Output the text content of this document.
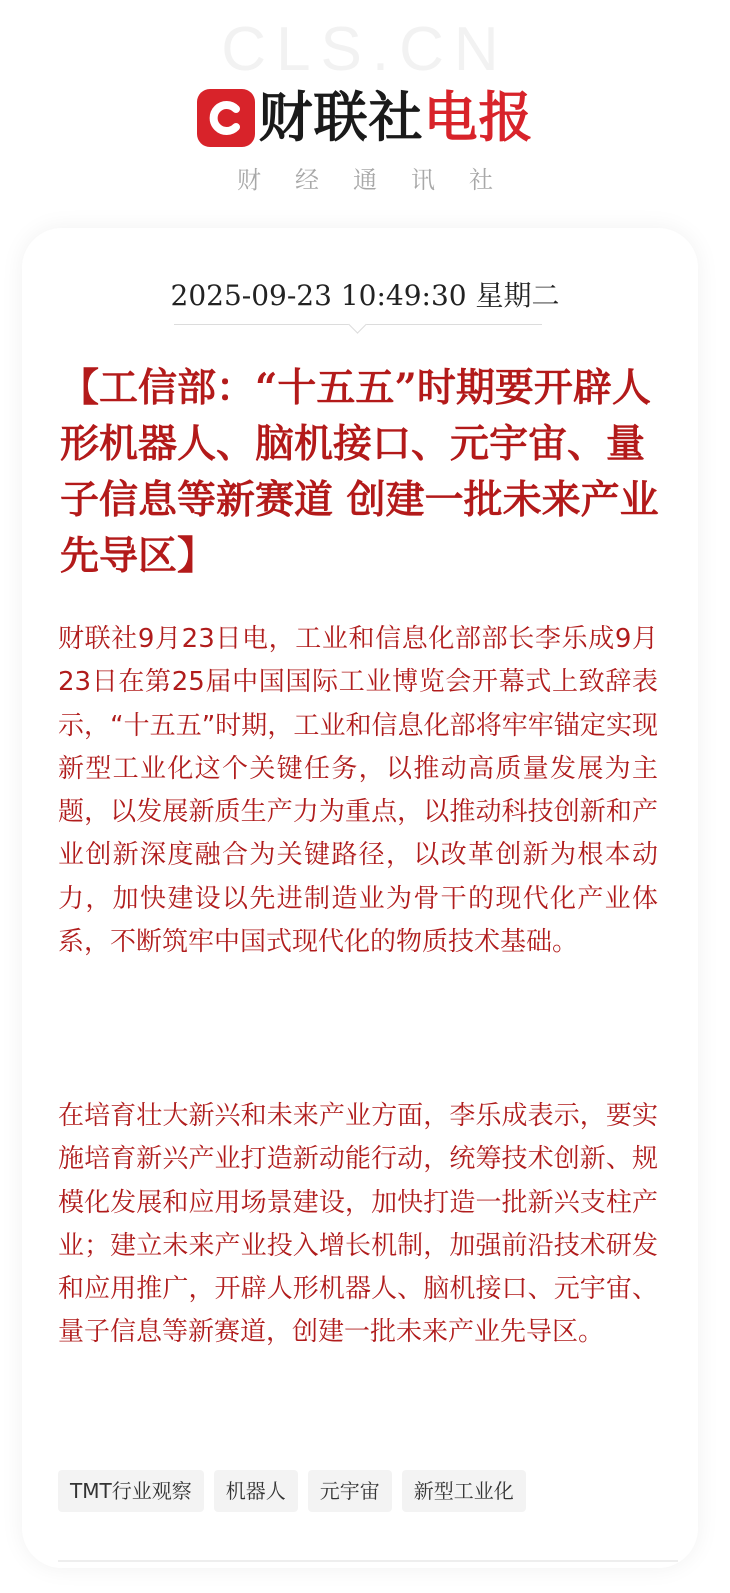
CLS.CN
财联社电报
财经通讯社
2025-09-23 10:49:30 星期二
【工信部：“十五五”时期要开辟人形机器人、脑机接口、元宇宙、量子信息等新赛道 创建一批未来产业先导区】

财联社9月23日电，工业和信息化部部长李乐成9月23日在第25届中国国际工业博览会开幕式上致辞表示，“十五五”时期，工业和信息化部将牢牢锚定实现新型工业化这个关键任务，以推动高质量发展为主题，以发展新质生产力为重点，以推动科技创新和产业创新深度融合为关键路径，以改革创新为根本动力，加快建设以先进制造业为骨干的现代化产业体系，不断筑牢中国式现代化的物质技术基础。

在培育壮大新兴和未来产业方面，李乐成表示，要实施培育新兴产业打造新动能行动，统筹技术创新、规模化发展和应用场景建设，加快打造一批新兴支柱产业；建立未来产业投入增长机制，加强前沿技术研发和应用推广，开辟人形机器人、脑机接口、元宇宙、量子信息等新赛道，创建一批未来产业先导区。

TMT行业观察	机器人	元宇宙	新型工业化
